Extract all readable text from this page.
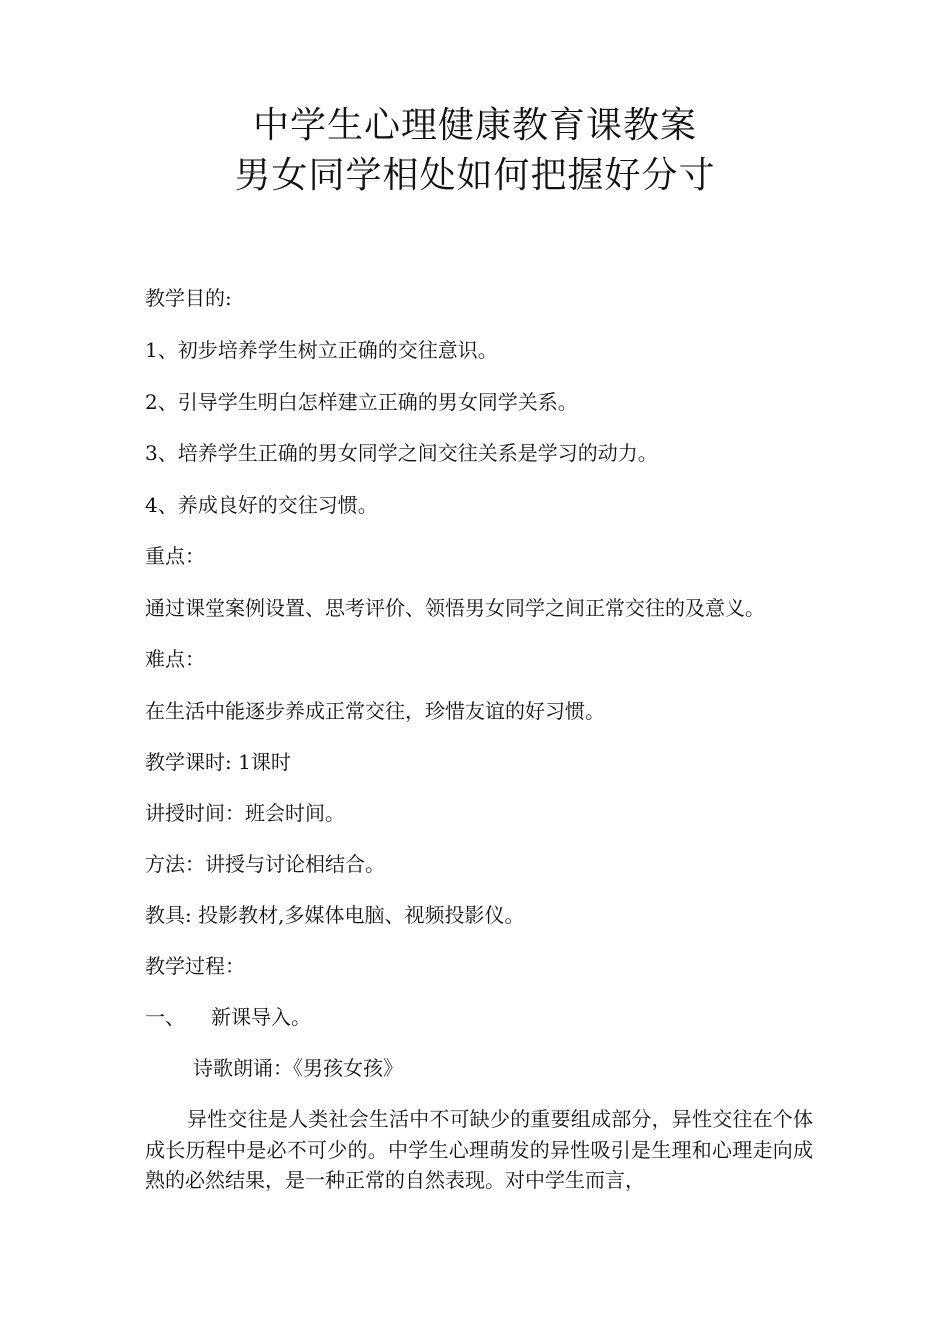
中学生心理健康教育课教案
男女同学相处如何把握好分寸
教学目的:
1、初步培养学生树立正确的交往意识。
2、引导学生明白怎样建立正确的男女同学关系。
3、培养学生正确的男女同学之间交往关系是学习的动力。
4、养成良好的交往习惯。
重点：
通过课堂案例设置、思考评价、领悟男女同学之间正常交往的及意义。
难点：
在生活中能逐步养成正常交往，珍惜友谊的好习惯。
教学课时: 1课时
讲授时间：班会时间。
方法：讲授与讨论相结合。
教具: 投影教材,多媒体电脑、视频投影仪。
教学过程：
一、 新课导入。
诗歌朗诵：《男孩女孩》
异性交往是人类社会生活中不可缺少的重要组成部分，异性交往在个体成长历程中是必不可少的。中学生心理萌发的异性吸引是生理和心理走向成熟的必然结果，是一种正常的自然表现。对中学生而言，
